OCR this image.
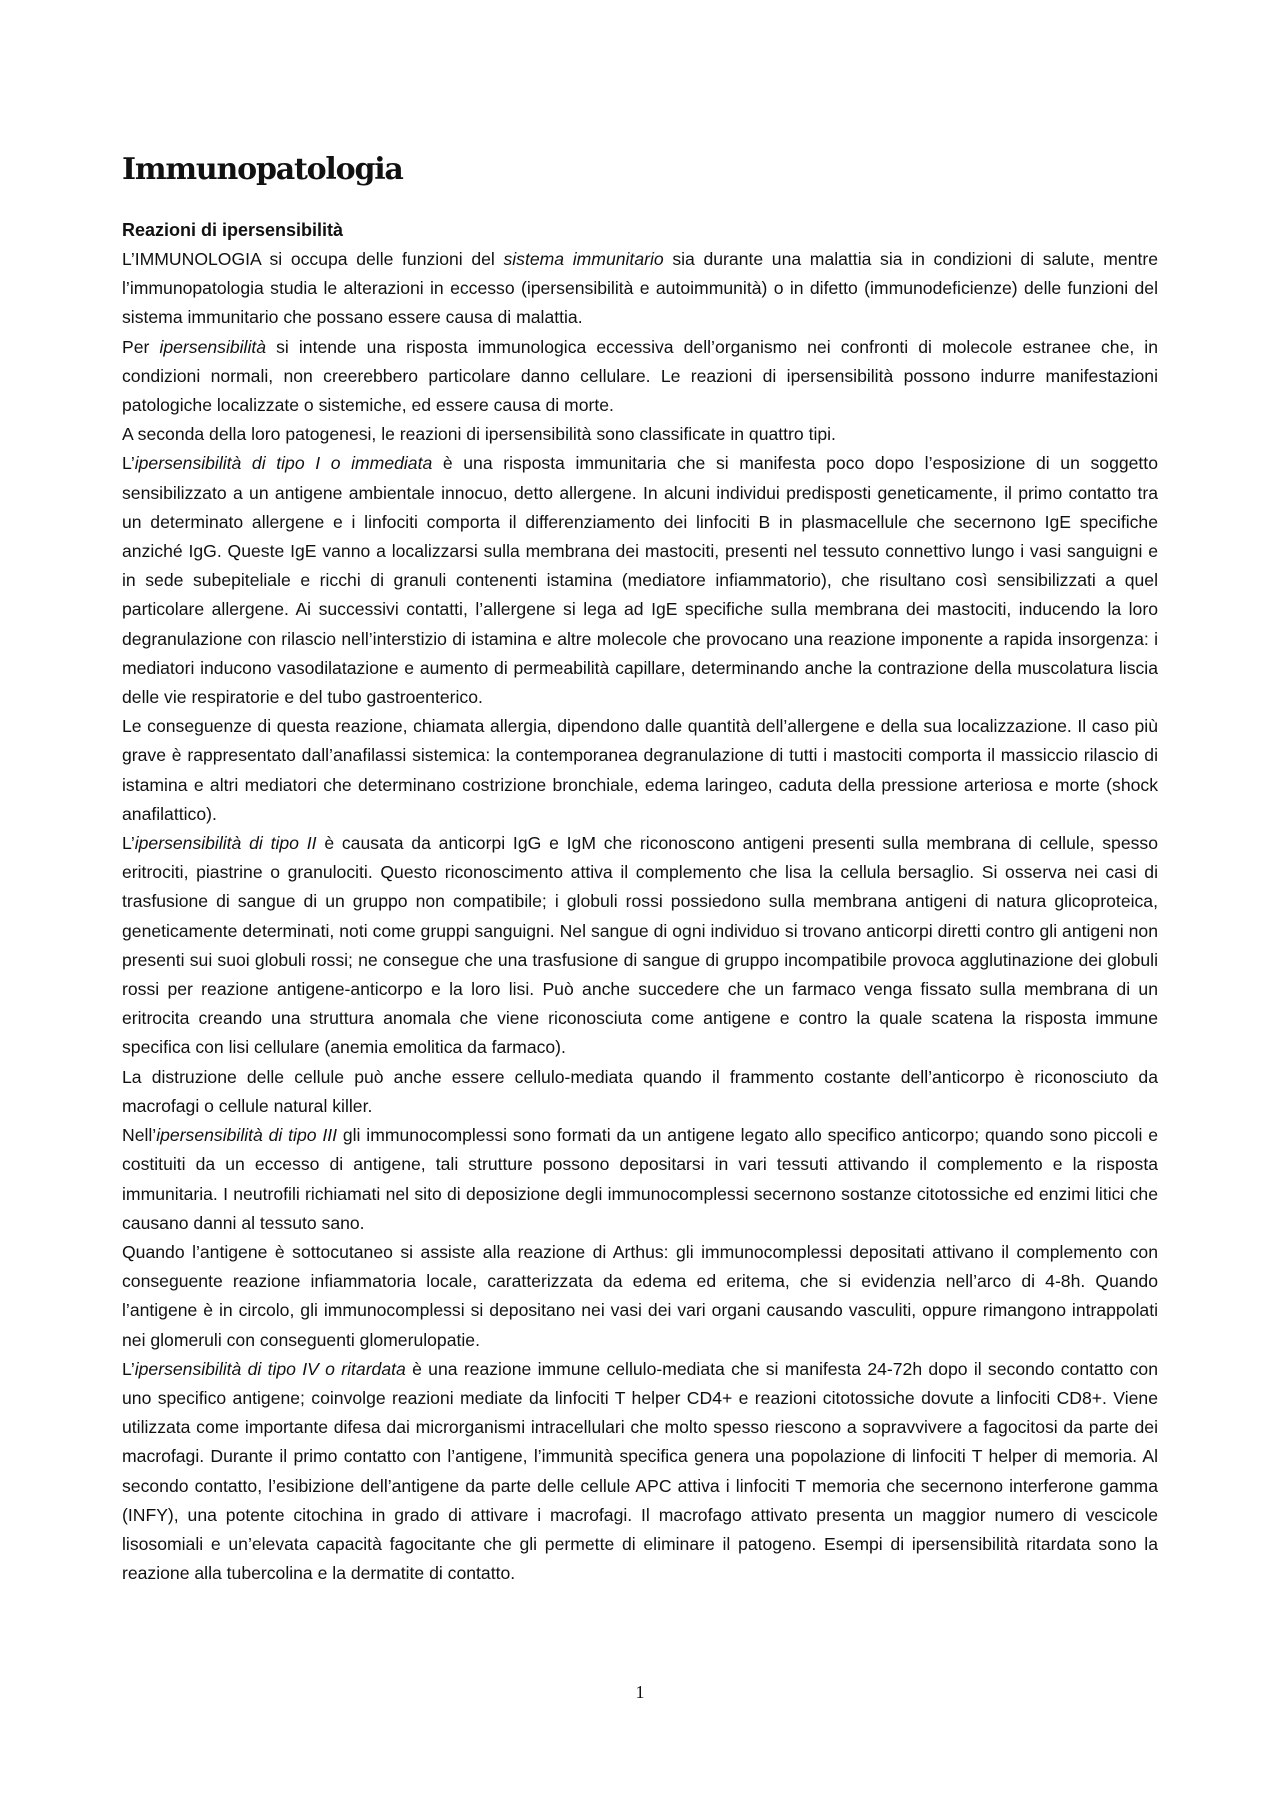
Immunopatologia
Reazioni di ipersensibilità

L’IMMUNOLOGIA si occupa delle funzioni del sistema immunitario sia durante una malattia sia in condizioni di salute, mentre l’immunopatologia studia le alterazioni in eccesso (ipersensibilità e autoimmunità) o in difetto (immunodeficienze) delle funzioni del sistema immunitario che possano essere causa di malattia.

Per ipersensibilità si intende una risposta immunologica eccessiva dell’organismo nei confronti di molecole estranee che, in condizioni normali, non creerebbero particolare danno cellulare. Le reazioni di ipersensibilità possono indurre manifestazioni patologiche localizzate o sistemiche, ed essere causa di morte.

A seconda della loro patogenesi, le reazioni di ipersensibilità sono classificate in quattro tipi.

L’ipersensibilità di tipo I o immediata è una risposta immunitaria che si manifesta poco dopo l’esposizione di un soggetto sensibilizzato a un antigene ambientale innocuo, detto allergene. In alcuni individui predisposti geneticamente, il primo contatto tra un determinato allergene e i linfociti comporta il differenziamento dei linfociti B in plasmacellule che secernono IgE specifiche anziché IgG. Queste IgE vanno a localizzarsi sulla membrana dei mastociti, presenti nel tessuto connettivo lungo i vasi sanguigni e in sede subepiteliale e ricchi di granuli contenenti istamina (mediatore infiammatorio), che risultano così sensibilizzati a quel particolare allergene. Ai successivi contatti, l’allergene si lega ad IgE specifiche sulla membrana dei mastociti, inducendo la loro degranulazione con rilascio nell’interstizio di istamina e altre molecole che provocano una reazione imponente a rapida insorgenza: i mediatori inducono vasodilatazione e aumento di permeabilità capillare, determinando anche la contrazione della muscolatura liscia delle vie respiratorie e del tubo gastroenterico.

Le conseguenze di questa reazione, chiamata allergia, dipendono dalle quantità dell’allergene e della sua localizzazione. Il caso più grave è rappresentato dall’anafilassi sistemica: la contemporanea degranulazione di tutti i mastociti comporta il massiccio rilascio di istamina e altri mediatori che determinano costrizione bronchiale, edema laringeo, caduta della pressione arteriosa e morte (shock anafilattico).

L’ipersensibilità di tipo II è causata da anticorpi IgG e IgM che riconoscono antigeni presenti sulla membrana di cellule, spesso eritrociti, piastrine o granulociti. Questo riconoscimento attiva il complemento che lisa la cellula bersaglio. Si osserva nei casi di trasfusione di sangue di un gruppo non compatibile; i globuli rossi possiedono sulla membrana antigeni di natura glicoproteica, geneticamente determinati, noti come gruppi sanguigni. Nel sangue di ogni individuo si trovano anticorpi diretti contro gli antigeni non presenti sui suoi globuli rossi; ne consegue che una trasfusione di sangue di gruppo incompatibile provoca agglutinazione dei globuli rossi per reazione antigene-anticorpo e la loro lisi. Può anche succedere che un farmaco venga fissato sulla membrana di un eritrocita creando una struttura anomala che viene riconosciuta come antigene e contro la quale scatena la risposta immune specifica con lisi cellulare (anemia emolitica da farmaco).

La distruzione delle cellule può anche essere cellulo-mediata quando il frammento costante dell’anticorpo è riconosciuto da macrofagi o cellule natural killer.

Nell’ipersensibilità di tipo III gli immunocomplessi sono formati da un antigene legato allo specifico anticorpo; quando sono piccoli e costituiti da un eccesso di antigene, tali strutture possono depositarsi in vari tessuti attivando il complemento e la risposta immunitaria. I neutrofili richiamati nel sito di deposizione degli immunocomplessi secernono sostanze citotossiche ed enzimi litici che causano danni al tessuto sano.

Quando l’antigene è sottocutaneo si assiste alla reazione di Arthus: gli immunocomplessi depositati attivano il complemento con conseguente reazione infiammatoria locale, caratterizzata da edema ed eritema, che si evidenzia nell’arco di 4-8h. Quando l’antigene è in circolo, gli immunocomplessi si depositano nei vasi dei vari organi causando vasculiti, oppure rimangono intrappolati nei glomeruli con conseguenti glomerulopatie.

L’ipersensibilità di tipo IV o ritardata è una reazione immune cellulo-mediata che si manifesta 24-72h dopo il secondo contatto con uno specifico antigene; coinvolge reazioni mediate da linfociti T helper CD4+ e reazioni citotossiche dovute a linfociti CD8+. Viene utilizzata come importante difesa dai microrganismi intracellulari che molto spesso riescono a sopravvivere a fagocitosi da parte dei macrofagi. Durante il primo contatto con l’antigene, l’immunità specifica genera una popolazione di linfociti T helper di memoria. Al secondo contatto, l’esibizione dell’antigene da parte delle cellule APC attiva i linfociti T memoria che secernono interferone gamma (INFY), una potente citochina in grado di attivare i macrofagi. Il macrofago attivato presenta un maggior numero di vescicole lisosomiali e un’elevata capacità fagocitante che gli permette di eliminare il patogeno. Esempi di ipersensibilità ritardata sono la reazione alla tubercolina e la dermatite di contatto.

1
